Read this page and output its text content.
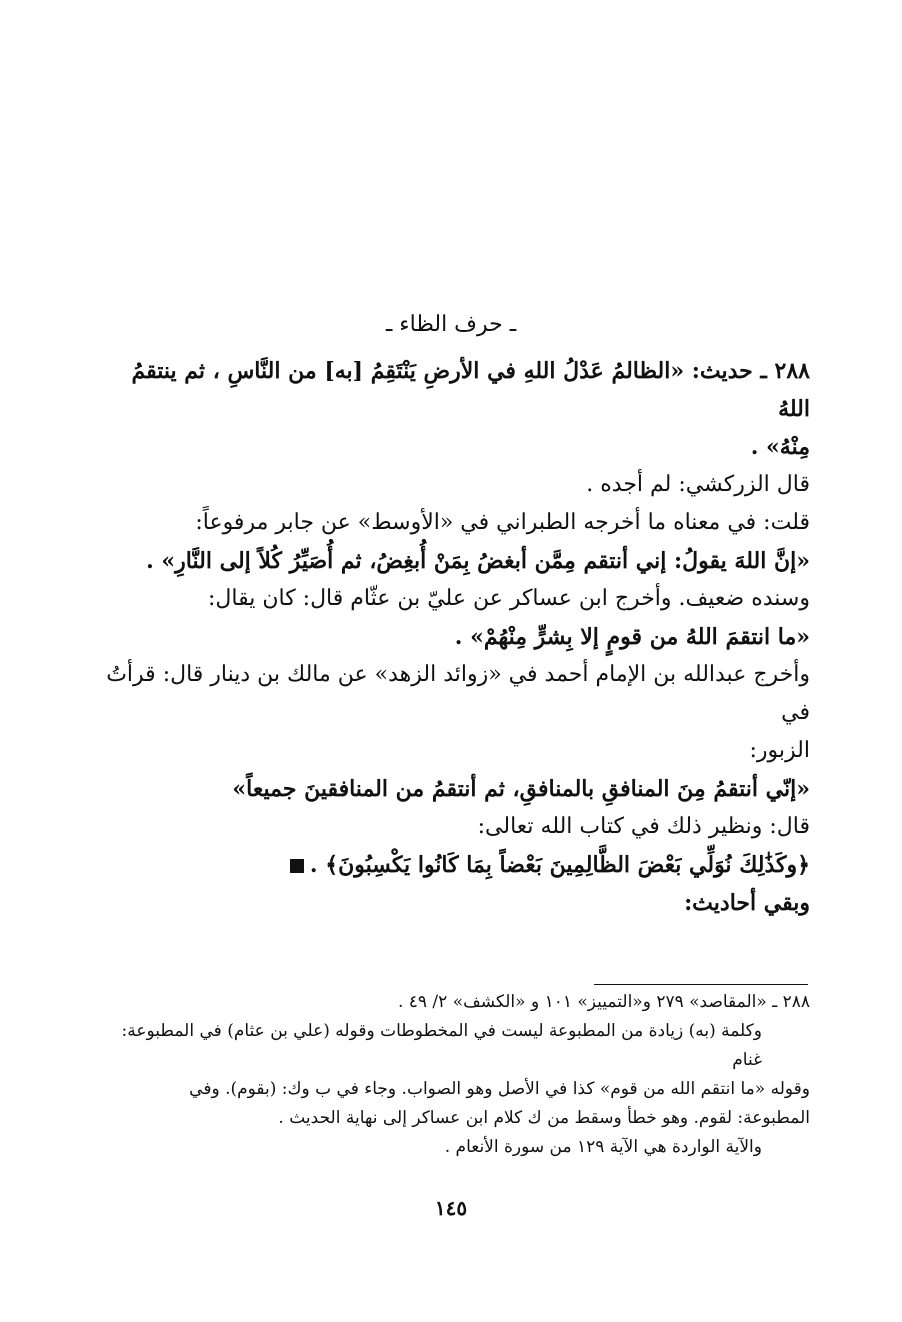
ـ حرف الظاء ـ

٢٨٨ ـ حديث: «الظالمُ عَدْلُ اللهِ في الأرضِ يَنْتَقِمُ [به] من النَّاسِ ، ثم ينتقمُ اللهُ

مِنْهُ» .

قال الزركشي: لم أجده .

قلت: في معناه ما أخرجه الطبراني في «الأوسط» عن جابر مرفوعاً:

«إنَّ اللهَ يقولُ: إني أنتقم مِمَّن أبغضُ بِمَنْ أُبغِضُ، ثم أُصَيِّرُ كُلاً إلى النَّارِ» .

وسنده ضعيف. وأخرج ابن عساكر عن عليّ بن عثّام قال: كان يقال:

«ما انتقمَ اللهُ من قومٍ إلا بِشرٍّ مِنْهُمْ» .

وأخرج عبدالله بن الإمام أحمد في «زوائد الزهد» عن مالك بن دينار قال: قرأتُ في

الزبور:

«إنّي أنتقمُ مِنَ المنافقِ بالمنافقِ، ثم أنتقمُ من المنافقينَ جميعاً»

قال: ونظير ذلك في كتاب الله تعالى:

﴿وكَذَٰلِكَ نُوَلِّي بَعْضَ الظَّالِمِينَ بَعْضاً بِمَا كَانُوا يَكْسِبُونَ﴾ .

وبقي أحاديث:

٢٨٨ ـ «المقاصد» ٢٧٩ و«التمييز» ١٠١ و «الكشف» ٢/ ٤٩ .

وكلمة (به) زيادة من المطبوعة ليست في المخطوطات وقوله (علي بن عثام) في المطبوعة: غنام

وقوله «ما انتقم الله من قوم» كذا في الأصل وهو الصواب. وجاء في ب وك: (بقوم). وفي

المطبوعة: لقوم. وهو خطأ وسقط من ك كلام ابن عساكر إلى نهاية الحديث .

والآية الواردة هي الآية ١٢٩ من سورة الأنعام .

١٤٥
